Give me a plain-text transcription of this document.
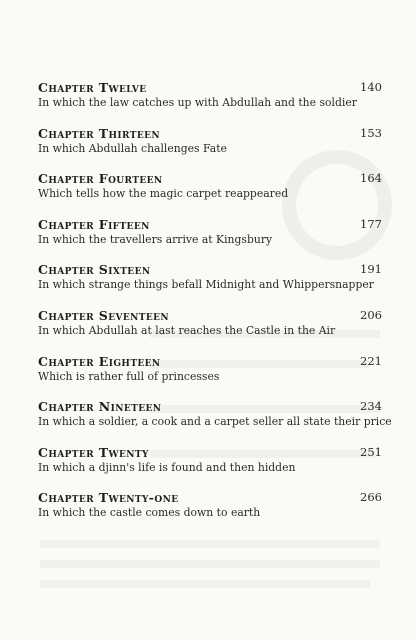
Chapter Twelve	140
In which the law catches up with Abdullah and the soldier
Chapter Thirteen	153
In which Abdullah challenges Fate
Chapter Fourteen	164
Which tells how the magic carpet reappeared
Chapter Fifteen	177
In which the travellers arrive at Kingsbury
Chapter Sixteen	191
In which strange things befall Midnight and Whippersnapper
Chapter Seventeen	206
In which Abdullah at last reaches the Castle in the Air
Chapter Eighteen	221
Which is rather full of princesses
Chapter Nineteen	234
In which a soldier, a cook and a carpet seller all state their price
Chapter Twenty	251
In which a djinn's life is found and then hidden
Chapter Twenty-one	266
In which the castle comes down to earth
